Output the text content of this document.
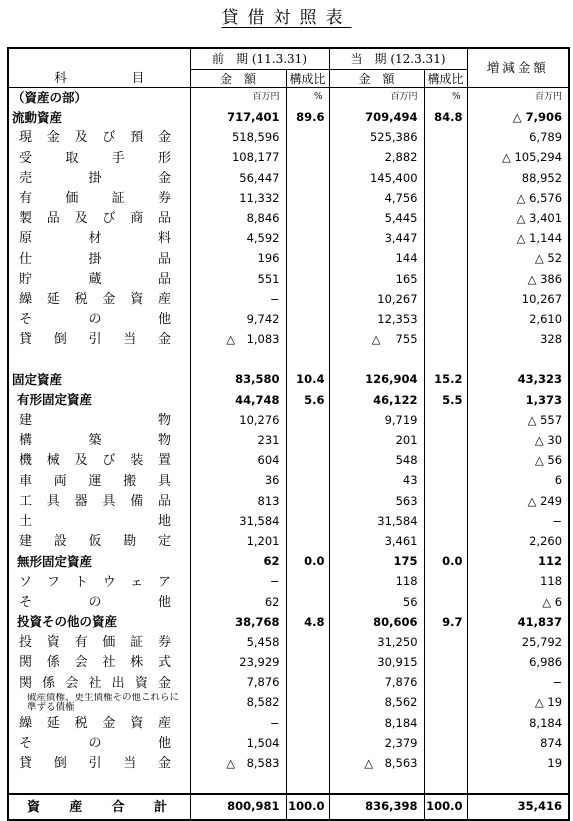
貸借対照表
科　　目	前　期 (11.3.31)		当　期 (12.3.31)		増減金額
	金　額	構成比	金　額	構成比	
（資産の部）	百万円	%	百万円	%	百万円
流動資産	717,401	89.6	709,494	84.8	△ 7,906
現金及び預金	518,596		525,386		6,789
受取手形	108,177		2,882		△ 105,294
売掛金	56,447		145,400		88,952
有価証券	11,332		4,756		△ 6,576
製品及び商品	8,846		5,445		△ 3,401
原材料	4,592		3,447		△ 1,144
仕掛品	196		144		△ 52
貯蔵品	551		165		△ 386
繰延税金資産	−		10,267		10,267
その他	9,742		12,353		2,610
貸倒引当金	△　1,083		△　 755		328

固定資産	83,580	10.4	126,904	15.2	43,323
有形固定資産	44,748	5.6	46,122	5.5	1,373
建物	10,276		9,719		△ 557
構築物	231		201		△ 30
機械及び装置	604		548		△ 56
車両運搬具	36		43		6
工具器具備品	813		563		△ 249
土地	31,584		31,584		−
建設仮勘定	1,201		3,461		2,260
無形固定資産	62	0.0	175	0.0	112
ソフトウェア	−		118		118
その他	62		56		△ 6
投資その他の資産	38,768	4.8	80,606	9.7	41,837
投資有価証券	5,458		31,250		25,792
関係会社株式	23,929		30,915		6,986
関係会社出資金	7,876		7,876		−

破産債権、更生債権その他これらに準ずる債権	8,582		8,562		△ 19
繰延税金資産	−		8,184		8,184
その他	1,504		2,379		874
貸倒引当金	△　8,583		△　8,563		19

資産合計	800,981	100.0	836,398	100.0	35,416
